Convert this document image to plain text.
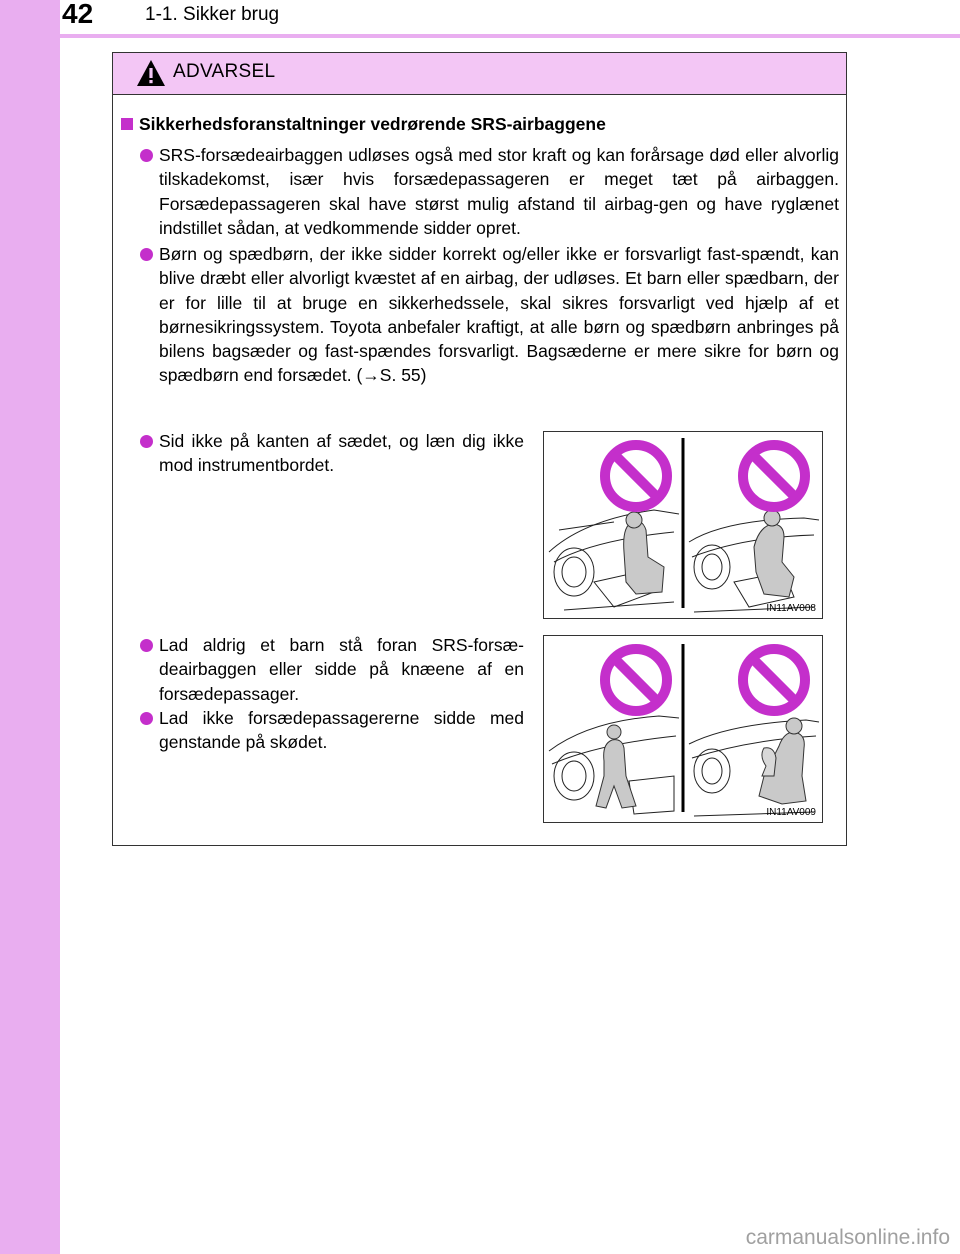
42	1-1. Sikker brug
ADVARSEL
Sikkerhedsforanstaltninger vedrørende SRS-airbaggene
SRS-forsædeairbaggen udløses også med stor kraft og kan forårsage død eller alvorlig tilskadekomst, især hvis forsædepassageren er meget tæt på airbaggen. Forsædepassageren skal have størst mulig afstand til airbag-gen og have ryglænet indstillet sådan, at vedkommende sidder opret.
Børn og spædbørn, der ikke sidder korrekt og/eller ikke er forsvarligt fast-spændt, kan blive dræbt eller alvorligt kvæstet af en airbag, der udløses. Et barn eller spædbarn, der er for lille til at bruge en sikkerhedssele, skal sikres forsvarligt ved hjælp af et børnesikringssystem. Toyota anbefaler kraftigt, at alle børn og spædbørn anbringes på bilens bagsæder og fast-spændes forsvarligt. Bagsæderne er mere sikre for børn og spædbørn end forsædet. (→S. 55)
Sid ikke på kanten af sædet, og læn dig ikke mod instrumentbordet.
Lad aldrig et barn stå foran SRS-forsæ-deairbaggen eller sidde på knæene af en forsædepassager.
Lad ikke forsædepassagererne sidde med genstande på skødet.
IN11AV008
IN11AV009
carmanualsonline.info
